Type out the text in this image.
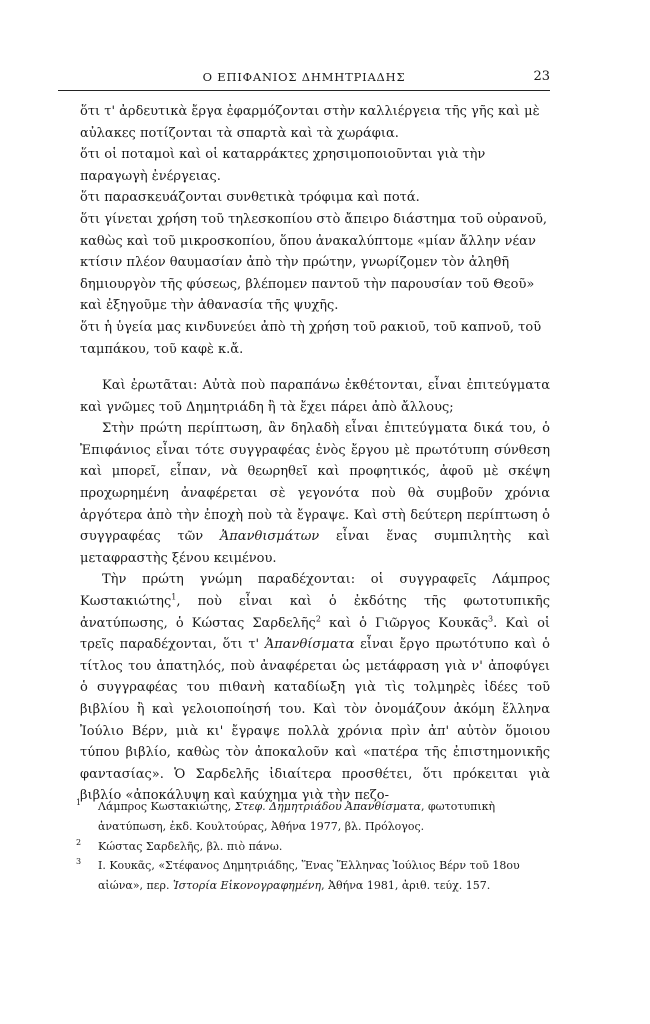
Ο ΕΠΙΦΑΝΙΟΣ ΔΗΜΗΤΡΙΑΔΗΣ	23
ὅτι τ' ἀρδευτικὰ ἔργα ἐφαρμόζονται στὴν καλλιέργεια τῆς γῆς καὶ μὲ αὐλακες ποτίζονται τὰ σπαρτὰ καὶ τὰ χωράφια.
ὅτι οἱ ποταμοὶ καὶ οἱ καταρράκτες χρησιμοποιοῦνται γιὰ τὴν παραγωγὴ ἐνέργειας.
ὅτι παρασκευάζονται συνθετικὰ τρόφιμα καὶ ποτά.
ὅτι γίνεται χρήση τοῦ τηλεσκοπίου στὸ ἄπειρο διάστημα τοῦ οὐρανοῦ, καθὼς καὶ τοῦ μικροσκοπίου, ὅπου ἀνακαλύπτομε «μίαν ἄλλην νέαν κτίσιν πλέον θαυμασίαν ἀπὸ τὴν πρώτην, γνωρίζομεν τὸν ἀληθῆ δημιουργὸν τῆς φύσεως, βλέπομεν παντοῦ τὴν παρουσίαν τοῦ Θεοῦ» καὶ ἐξηγοῦμε τὴν ἀθανασία τῆς ψυχῆς.
ὅτι ἡ ὑγεία μας κινδυνεύει ἀπὸ τὴ χρήση τοῦ ρακιοῦ, τοῦ καπνοῦ, τοῦ ταμπάκου, τοῦ καφὲ κ.ἄ.

Καὶ ἐρωτᾶται: Αὐτὰ ποὺ παραπάνω ἐκθέτονται, εἶναι ἐπιτεύγματα καὶ γνῶμες τοῦ Δημητριάδη ἢ τὰ ἔχει πάρει ἀπὸ ἄλλους;

Στὴν πρώτη περίπτωση, ἂν δηλαδὴ εἶναι ἐπιτεύγματα δικά του, ὁ Ἐπιφάνιος εἶναι τότε συγγραφέας ἑνὸς ἔργου μὲ πρωτότυπη σύνθεση καὶ μπορεῖ, εἶπαν, νὰ θεωρηθεῖ καὶ προφητικός, ἀφοῦ μὲ σκέψη προχωρημένη ἀναφέρεται σὲ γεγονότα ποὺ θὰ συμβοῦν χρόνια ἀργότερα ἀπὸ τὴν ἐποχὴ ποὺ τὰ ἔγραψε. Καὶ στὴ δεύτερη περίπτωση ὁ συγγραφέας τῶν Ἀπανθισμάτων εἶναι ἕνας συμπιλητὴς καὶ μεταφραστὴς ξένου κειμένου.

Τὴν πρώτη γνώμη παραδέχονται: οἱ συγγραφεῖς Λάμπρος Κωστακιώτης$^1$, ποὺ εἶναι καὶ ὁ ἐκδότης τῆς φωτοτυπικῆς ἀνατύπωσης, ὁ Κώστας Σαρδελῆς$^2$ καὶ ὁ Γιῶργος Κουκᾶς$^3$. Καὶ οἱ τρεῖς παραδέχονται, ὅτι τ' Ἀπανθίσματα εἶναι ἔργο πρωτότυπο καὶ ὁ τίτλος του ἀπατηλός, ποὺ ἀναφέρεται ὡς μετάφραση γιὰ ν' ἀποφύγει ὁ συγγραφέας του πιθανὴ καταδίωξη γιὰ τὶς τολμηρὲς ἰδέες τοῦ βιβλίου ἢ καὶ γελοιοποίησή του. Καὶ τὸν ὀνομάζουν ἀκόμη ἕλληνα Ἰούλιο Βέρν, μιὰ κι' ἔγραψε πολλὰ χρόνια πρὶν ἀπ' αὐτὸν ὅμοιου τύπου βιβλίο, καθὼς τὸν ἀποκαλοῦν καὶ «πατέρα τῆς ἐπιστημονικῆς φαντασίας». Ὁ Σαρδελῆς ἰδιαίτερα προσθέτει, ὅτι πρόκειται γιὰ βιβλίο «ἀποκάλυψη καὶ καύχημα γιὰ τὴν πεζο-

1 Λάμπρος Κωστακιώτης, Στεφ. Δημητριάδου Ἀπανθίσματα, φωτοτυπικὴ ἀνατύπωση, ἐκδ. Κουλτούρας, Ἀθήνα 1977, βλ. Πρόλογος.

2 Κώστας Σαρδελῆς, βλ. πιὸ πάνω.

3 Ι. Κουκᾶς, «Στέφανος Δημητριάδης, Ἕνας Ἕλληνας Ἰούλιος Βέρν τοῦ 18ου αἰώνα», περ. Ἱστορία Εἰκονογραφημένη, Ἀθήνα 1981, ἀριθ. τεύχ. 157.
